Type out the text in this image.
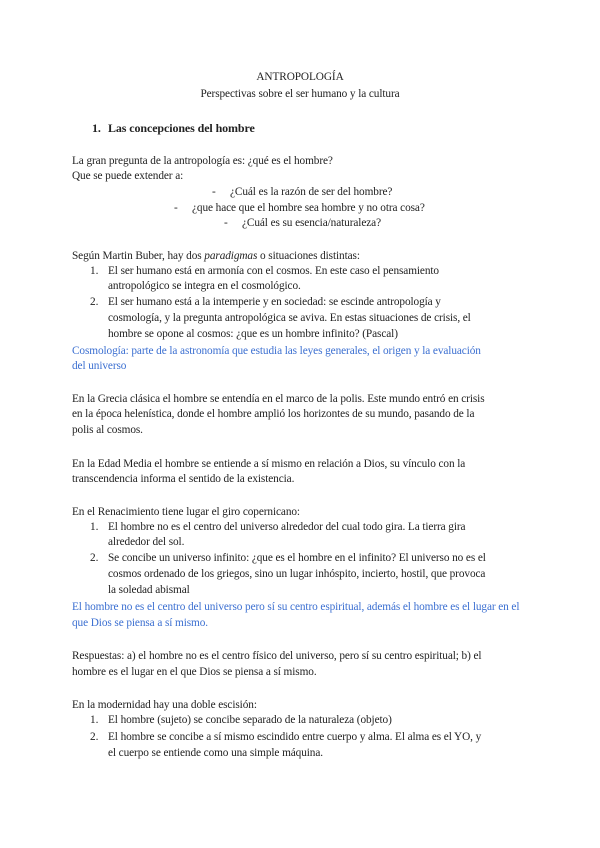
ANTROPOLOGÍA
Perspectivas sobre el ser humano y la cultura
1. Las concepciones del hombre
La gran pregunta de la antropología es: ¿qué es el hombre?
Que se puede extender a:
- ¿Cuál es la razón de ser del hombre?
- ¿que hace que el hombre sea hombre y no otra cosa?
- ¿Cuál es su esencia/naturaleza?
Según Martin Buber, hay dos paradigmas o situaciones distintas:
1. El ser humano está en armonía con el cosmos. En este caso el pensamiento
antropológico se integra en el cosmológico.
2. El ser humano está a la intemperie y en sociedad: se escinde antropología y
cosmología, y la pregunta antropológica se aviva. En estas situaciones de crisis, el
hombre se opone al cosmos: ¿que es un hombre infinito? (Pascal)
Cosmología: parte de la astronomía que estudia las leyes generales, el origen y la evaluación
del universo
En la Grecia clásica el hombre se entendía en el marco de la polis. Este mundo entró en crisis
en la época helenística, donde el hombre amplió los horizontes de su mundo, pasando de la
polis al cosmos.
En la Edad Media el hombre se entiende a sí mismo en relación a Dios, su vínculo con la
transcendencia informa el sentido de la existencia.
En el Renacimiento tiene lugar el giro copernicano:
1. El hombre no es el centro del universo alrededor del cual todo gira. La tierra gira
alrededor del sol.
2. Se concibe un universo infinito: ¿que es el hombre en el infinito? El universo no es el
cosmos ordenado de los griegos, sino un lugar inhóspito, incierto, hostil, que provoca
la soledad abismal
El hombre no es el centro del universo pero sí su centro espiritual, además el hombre es el lugar en el
que Dios se piensa a sí mismo.
Respuestas: a) el hombre no es el centro físico del universo, pero sí su centro espiritual; b) el
hombre es el lugar en el que Dios se piensa a sí mismo.
En la modernidad hay una doble escisión:
1. El hombre (sujeto) se concibe separado de la naturaleza (objeto)
2. El hombre se concibe a sí mismo escindido entre cuerpo y alma. El alma es el YO, y
el cuerpo se entiende como una simple máquina.
